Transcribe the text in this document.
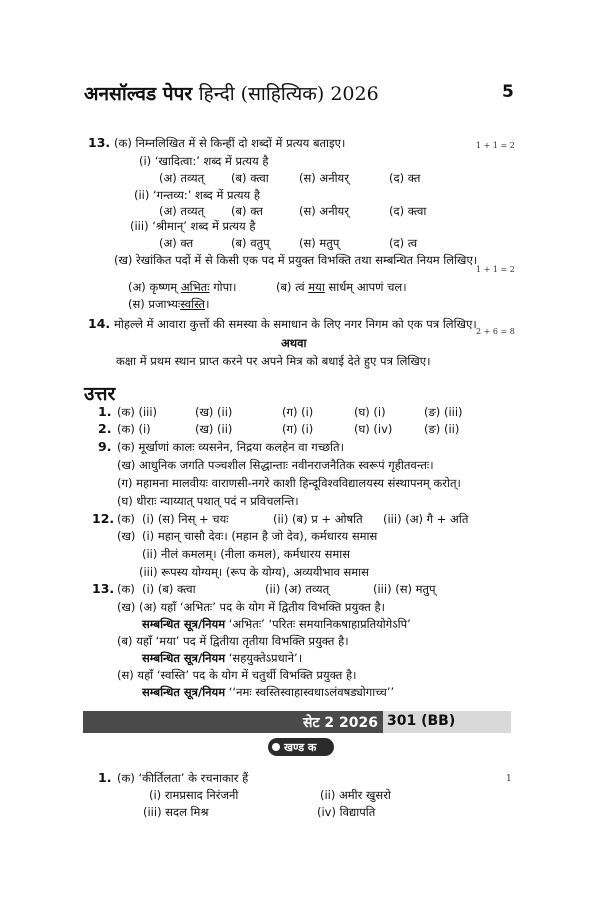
अनसॉल्वड पेपर हिन्दी (साहित्यिक) 2026	5
13. (क) निम्नलिखित में से किन्हीं दो शब्दों में प्रत्यय बताइए।	1 + 1 = 2
(i) ‘खादित्वा:’ शब्द में प्रत्यय है
(अ) तव्यत् (ब) क्त्वा	(स) अनीयर्	(द) क्त
(ii) ‘गन्तव्य:’ शब्द में प्रत्यय है
(अ) तव्यत् (ब) क्त	(स) अनीयर्	(द) क्त्वा
(iii) ‘श्रीमान्’ शब्द में प्रत्यय है
(अ) क्त	(ब) वतुप्	(स) मतुप्	(द) त्व
(ख) रेखांकित पदों में से किसी एक पद में प्रयुक्त विभक्ति तथा सम्बन्धित नियम लिखिए।
1 + 1 = 2
(अ) कृष्णम् अभितः गोपा।	(ब) त्वं मया सार्धम् आपणं चल।
(स) प्रजाभ्यःस्वस्ति।
14. मोहल्ले में आवारा कुत्तों की समस्या के समाधान के लिए नगर निगम को एक पत्र लिखिए।
2 + 6 = 8
अथवा
कक्षा में प्रथम स्थान प्राप्त करने पर अपने मित्र को बधाई देते हुए पत्र लिखिए।
उत्तर
1. (क) (iii)	(ख) (ii)	(ग) (i)	(घ) (i)	(ङ) (iii)
2. (क) (i)	(ख) (ii)	(ग) (i)	(घ) (iv)	(ङ) (ii)
9. (क) मूर्खाणां कालः व्यसनेन, निद्रया कलहेन वा गच्छति।
(ख) आधुनिक जगति पञ्चशील सिद्धान्ताः नवीनराजनैतिक स्वरूपं गृहीतवन्तः।
(ग) महामना मालवीयः वाराणसी-नगरे काशी हिन्दूविश्वविद्यालयस्य संस्थापनम् करोत्।
(घ) धीराः न्याय्यात् पथात् पदं न प्रविचलन्ति।
12. (क) (i) (स) निस् + चयः	(ii) (ब) प्र + ओषति (iii) (अ) गै + अति
(ख) (i) महान् चासौ देवः। (महान है जो देव), कर्मधारय समास
(ii) नीलं कमलम्। (नीला कमल), कर्मधारय समास
(iii) रूपस्य योग्यम्। (रूप के योग्य), अव्ययीभाव समास
13. (क) (i) (ब) क्त्वा	(ii) (अ) तव्यत्	(iii) (स) मतुप्
(ख) (अ) यहाँ ‘अभितः’ पद के योग में द्वितीय विभक्ति प्रयुक्त है।
सम्बन्धित सूत्र/नियम ‘अभितः’ ‘परितः समयानिकषाहाप्रतियोगेऽपि’
(ब) यहाँ ‘मया’ पद में द्वितीया तृतीया विभक्ति प्रयुक्त है।
सम्बन्धित सूत्र/नियम ‘सहयुक्तेऽप्रधाने’।
(स) यहाँ ‘स्वस्ति’ पद के योग में चतुर्थी विभक्ति प्रयुक्त है।
सम्बन्धित सूत्र/नियम ‘‘नमः स्वस्तिस्वाहास्वधाऽलंवषड्योगाच्च’’
सेट 2 2026 301 (BB)
खण्ड क
1. (क) ‘कीर्तिलता’ के रचनाकार हैं	1
(i) रामप्रसाद निरंजनी	(ii) अमीर खुसरो
(iii) सदल मिश्र	(iv) विद्यापति
